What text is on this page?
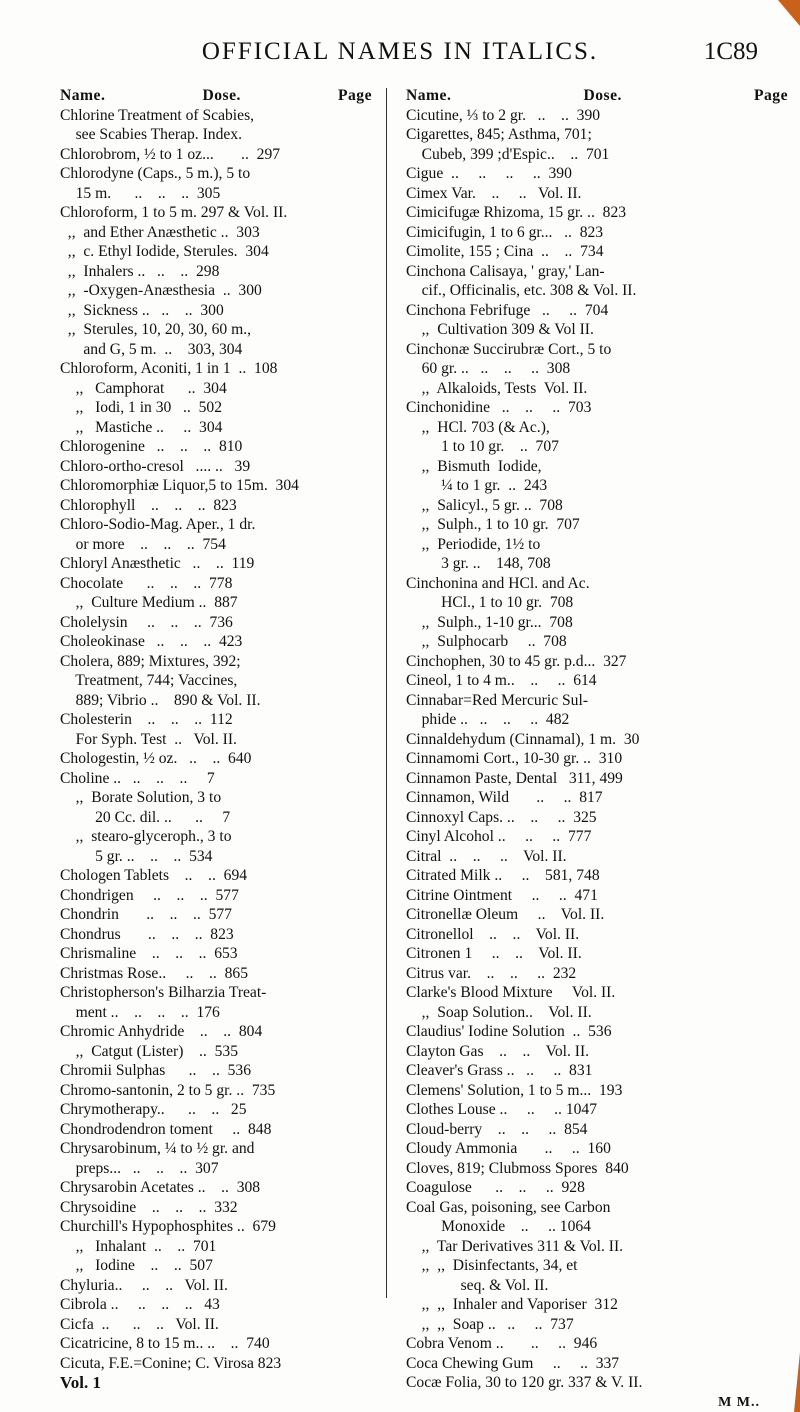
OFFICIAL NAMES IN ITALICS.	1C89
Name.	Dose.	Page
Chlorine Treatment of Scabies,
see Scabies Therap. Index.
Chlorobrom, ½ to 1 oz...       ..  297
Chlorodyne (Caps., 5 m.), 5 to
15 m.      ..    ..    ..  305
Chloroform, 1 to 5 m. 297 & Vol. II.
,,  and Ether Anæsthetic ..  303
,,  c. Ethyl Iodide, Sterules.  304
,,  Inhalers ..   ..    ..  298
,,  -Oxygen-Anæsthesia  ..  300
,,  Sickness ..   ..    ..  300
,,  Sterules, 10, 20, 30, 60 m.,
and G, 5 m.  ..    303, 304
Chloroform, Aconiti, 1 in 1  ..  108
,,   Camphorat      ..  304
,,   Iodi, 1 in 30   ..  502
,,   Mastiche ..     ..  304
Chlorogenine   ..    ..    ..  810
Chloro-ortho-cresol   .... ..   39
Chloromorphiæ Liquor,5 to 15m.  304
Chlorophyll    ..    ..    ..  823
Chloro-Sodio-Mag. Aper., 1 dr.
or more    ..    ..    ..  754
Chloryl Anæsthetic   ..    ..  119
Chocolate      ..    ..    ..  778
,,  Culture Medium ..  887
Cholelysin     ..    ..    ..  736
Choleokinase   ..    ..    ..  423
Cholera, 889; Mixtures, 392;
Treatment, 744; Vaccines,
889; Vibrio ..    890 & Vol. II.
Cholesterin    ..    ..    ..  112
For Syph. Test  ..   Vol. II.
Chologestin, ½ oz.   ..    ..  640
Choline ..   ..    ..    ..     7
,,  Borate Solution, 3 to
20 Cc. dil. ..      ..     7
,,  stearo-glyceroph., 3 to
5 gr. ..    ..    ..  534
Chologen Tablets    ..    ..  694
Chondrigen     ..    ..    ..  577
Chondrin       ..    ..    ..  577
Chondrus       ..    ..    ..  823
Chrismaline    ..    ..    ..  653
Christmas Rose..     ..    ..  865
Christopherson's Bilharzia Treat-
ment ..    ..    ..    ..  176
Chromic Anhydride    ..    ..  804
,,  Catgut (Lister)    ..  535
Chromii Sulphas      ..    ..  536
Chromo-santonin, 2 to 5 gr. ..  735
Chrymotherapy..      ..    ..   25
Chondrodendron toment     ..  848
Chrysarobinum, ¼ to ½ gr. and
preps...   ..    ..    ..  307
Chrysarobin Acetates ..    ..  308
Chrysoidine    ..    ..    ..  332
Churchill's Hypophosphites ..  679
,,   Inhalant  ..    ..  701
,,   Iodine    ..    ..  507
Chyluria..     ..    ..   Vol. II.
Cibrola ..     ..    ..    ..   43
Cicfa  ..      ..    ..   Vol. II.
Cicatricine, 8 to 15 m.. ..    ..  740
Cicuta, F.E.=Conine; C. Virosa 823
Vol. 1
Name.	Dose.	Page
Cicutine, ⅓ to 2 gr.   ..    ..  390
Cigarettes, 845; Asthma, 701;
Cubeb, 399 ;d'Espic..    ..  701
Cigue  ..     ..     ..     ..  390
Cimex Var.    ..     ..   Vol. II.
Cimicifugæ Rhizoma, 15 gr. ..  823
Cimicifugin, 1 to 6 gr...   ..  823
Cimolite, 155 ; Cina  ..    ..  734
Cinchona Calisaya, ' gray,' Lan-
cif., Officinalis, etc. 308 & Vol. II.
Cinchona Febrifuge   ..     ..  704
,,  Cultivation 309 & Vol II.
Cinchonæ Succirubræ Cort., 5 to
60 gr. ..   ..    ..     ..  308
,,  Alkaloids, Tests  Vol. II.
Cinchonidine   ..    ..     ..  703
,,  HCl. 703 (& Ac.),
1 to 10 gr.    ..  707
,,  Bismuth  Iodide,
¼ to 1 gr.  ..  243
,,  Salicyl., 5 gr. ..  708
,,  Sulph., 1 to 10 gr.  707
,,  Periodide, 1½ to
3 gr. ..    148, 708
Cinchonina and HCl. and Ac.
HCl., 1 to 10 gr.  708
,,  Sulph., 1-10 gr...  708
,,  Sulphocarb     ..  708
Cinchophen, 30 to 45 gr. p.d...  327
Cineol, 1 to 4 m..    ..     ..  614
Cinnabar=Red Mercuric Sul-
phide ..   ..    ..     ..  482
Cinnaldehydum (Cinnamal), 1 m.  30
Cinnamomi Cort., 10-30 gr. ..  310
Cinnamon Paste, Dental   311, 499
Cinnamon, Wild       ..     ..  817
Cinnoxyl Caps. ..    ..     ..  325
Cinyl Alcohol ..     ..     ..  777
Citral  ..    ..     ..    Vol. II.
Citrated Milk ..     ..    581, 748
Citrine Ointment     ..     ..  471
Citronellæ Oleum     ..    Vol. II.
Citronellol    ..    ..    Vol. II.
Citronen 1     ..    ..    Vol. II.
Citrus var.    ..    ..     ..  232
Clarke's Blood Mixture     Vol. II.
,,  Soap Solution..    Vol. II.
Claudius' Iodine Solution  ..  536
Clayton Gas    ..    ..    Vol. II.
Cleaver's Grass ..   ..     ..  831
Clemens' Solution, 1 to 5 m...  193
Clothes Louse ..     ..     .. 1047
Cloud-berry    ..    ..     ..  854
Cloudy Ammonia       ..     ..  160
Cloves, 819; Clubmoss Spores  840
Coagulose      ..    ..     ..  928
Coal Gas, poisoning, see Carbon
Monoxide    ..     .. 1064
,,  Tar Derivatives 311 & Vol. II.
,,  ,,  Disinfectants, 34, et
seq. & Vol. II.
,,  ,,  Inhaler and Vaporiser  312
,,  ,,  Soap ..   ..     ..  737
Cobra Venom ..       ..     ..  946
Coca Chewing Gum     ..     ..  337
Cocæ Folia, 30 to 120 gr. 337 & V. II.
M M..
